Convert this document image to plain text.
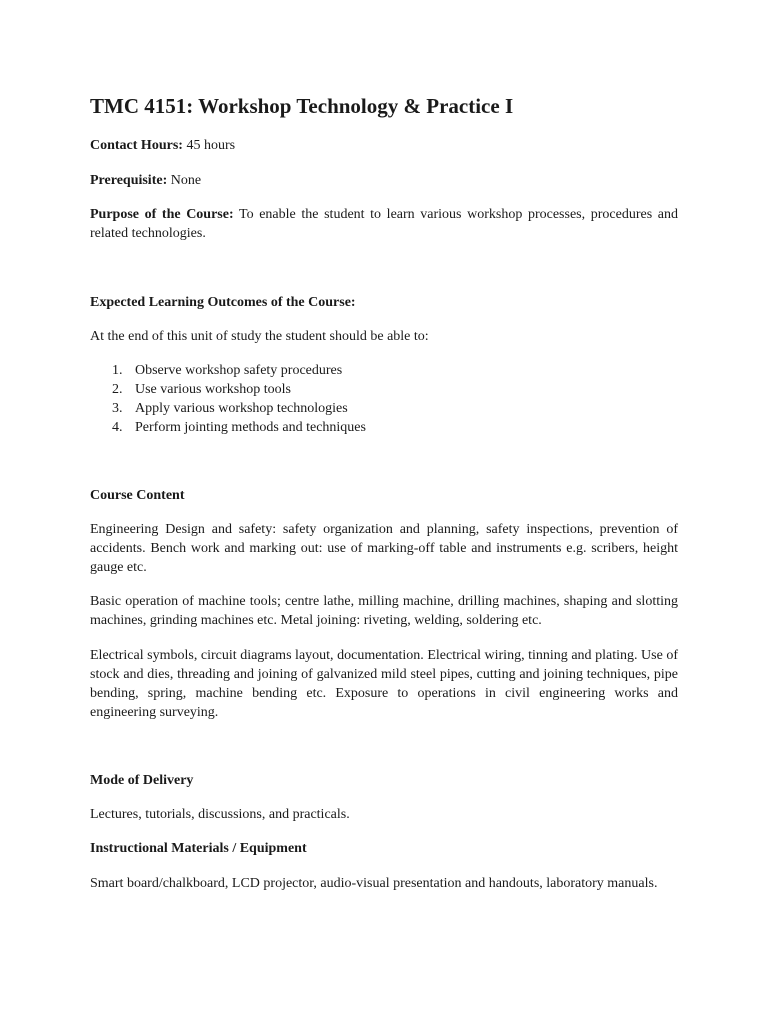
TMC 4151: Workshop Technology & Practice I

Contact Hours: 45 hours

Prerequisite: None

Purpose of the Course: To enable the student to learn various workshop processes, procedures and related technologies.

Expected Learning Outcomes of the Course:

At the end of this unit of study the student should be able to:

1. Observe workshop safety procedures
2. Use various workshop tools
3. Apply various workshop technologies
4. Perform jointing methods and techniques

Course Content

Engineering Design and safety: safety organization and planning, safety inspections, prevention of accidents. Bench work and marking out: use of marking-off table and instruments e.g. scribers, height gauge etc.

Basic operation of machine tools; centre lathe, milling machine, drilling machines, shaping and slotting machines, grinding machines etc. Metal joining: riveting, welding, soldering etc.

Electrical symbols, circuit diagrams layout, documentation. Electrical wiring, tinning and plating. Use of stock and dies, threading and joining of galvanized mild steel pipes, cutting and joining techniques, pipe bending, spring, machine bending etc. Exposure to operations in civil engineering works and engineering surveying.

Mode of Delivery

Lectures, tutorials, discussions, and practicals.

Instructional Materials / Equipment

Smart board/chalkboard, LCD projector, audio-visual presentation and handouts, laboratory manuals.
